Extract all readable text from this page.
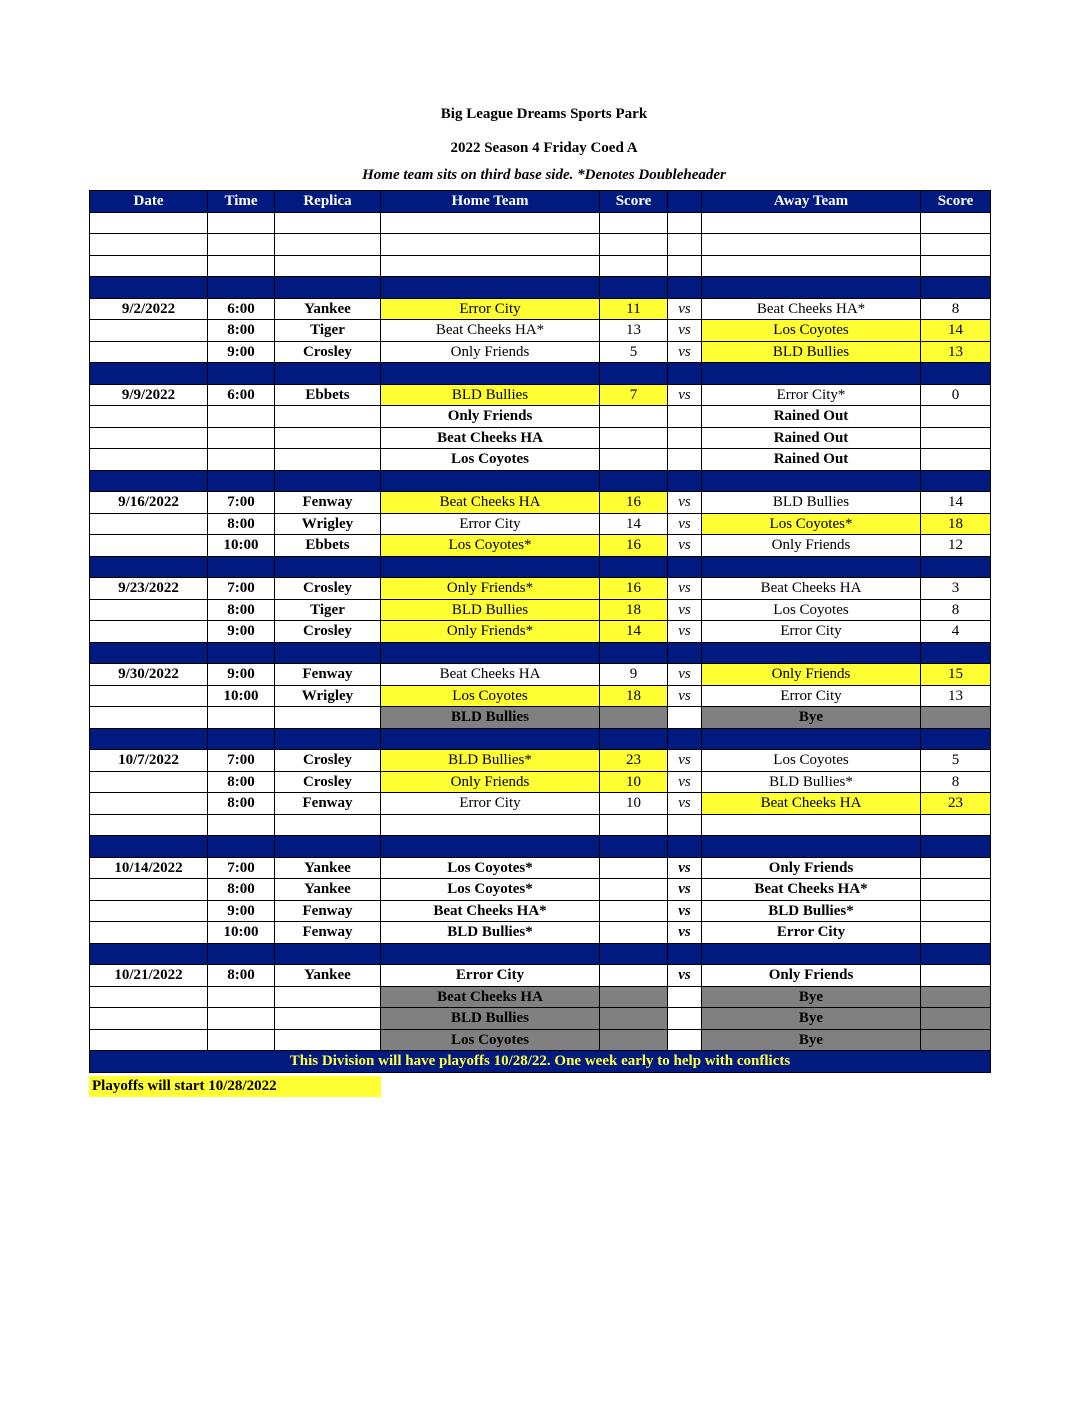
Big League Dreams Sports Park
2022 Season 4 Friday Coed A
Home team sits on third base side. *Denotes Doubleheader
Date	Time	Replica	Home Team	Score		Away Team	Score

9/2/2022	6:00	Yankee	Error City	11	vs	Beat Cheeks HA*	8
	8:00	Tiger	Beat Cheeks HA*	13	vs	Los Coyotes	14
	9:00	Crosley	Only Friends	5	vs	BLD Bullies	13

9/9/2022	6:00	Ebbets	BLD Bullies	7	vs	Error City*	0
			Only Friends			Rained Out	
			Beat Cheeks HA			Rained Out	
			Los Coyotes			Rained Out	

9/16/2022	7:00	Fenway	Beat Cheeks HA	16	vs	BLD Bullies	14
	8:00	Wrigley	Error City	14	vs	Los Coyotes*	18
	10:00	Ebbets	Los Coyotes*	16	vs	Only Friends	12

9/23/2022	7:00	Crosley	Only Friends*	16	vs	Beat Cheeks HA	3
	8:00	Tiger	BLD Bullies	18	vs	Los Coyotes	8
	9:00	Crosley	Only Friends*	14	vs	Error City	4

9/30/2022	9:00	Fenway	Beat Cheeks HA	9	vs	Only Friends	15
	10:00	Wrigley	Los Coyotes	18	vs	Error City	13
			BLD Bullies			Bye	

10/7/2022	7:00	Crosley	BLD Bullies*	23	vs	Los Coyotes	5
	8:00	Crosley	Only Friends	10	vs	BLD Bullies*	8
	8:00	Fenway	Error City	10	vs	Beat Cheeks HA	23

10/14/2022	7:00	Yankee	Los Coyotes*		vs	Only Friends	
	8:00	Yankee	Los Coyotes*		vs	Beat Cheeks HA*	
	9:00	Fenway	Beat Cheeks HA*		vs	BLD Bullies*	
	10:00	Fenway	BLD Bullies*		vs	Error City	

10/21/2022	8:00	Yankee	Error City		vs	Only Friends	
			Beat Cheeks HA			Bye	
			BLD Bullies			Bye	
			Los Coyotes			Bye	
This Division will have playoffs 10/28/22. One week early to help with conflicts							
Playoffs will start 10/28/2022
